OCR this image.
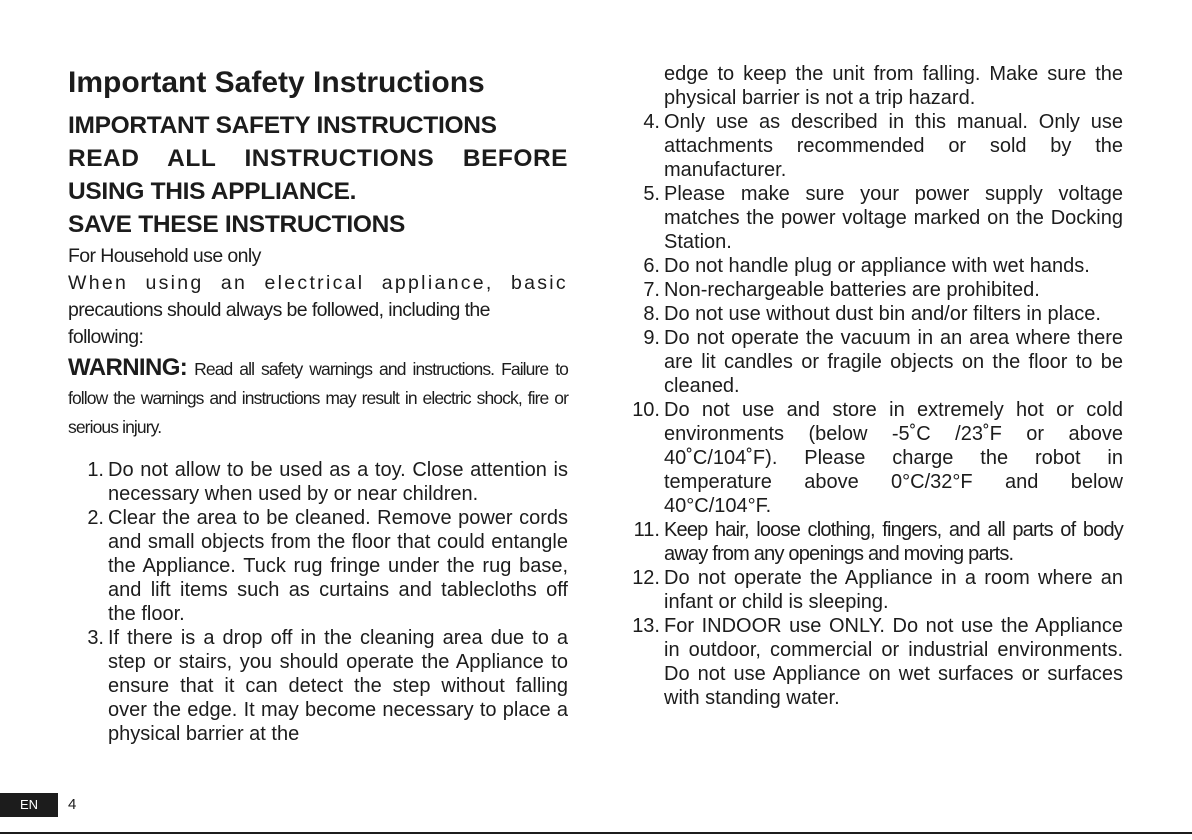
Important Safety Instructions
IMPORTANT SAFETY INSTRUCTIONS
READ ALL INSTRUCTIONS BEFORE
USING THIS APPLIANCE.
SAVE THESE INSTRUCTIONS

For Household use only

When using an electrical appliance, basic

precautions should always be followed, including the

following:

WARNING: Read all safety warnings and instructions. Failure to follow the warnings and instructions may result in electric shock, fire or serious injury.
1. Do not allow to be used as a toy. Close attention is necessary when used by or near children.
2. Clear the area to be cleaned. Remove power cords and small objects from the floor that could entangle the Appliance. Tuck rug fringe under the rug base, and lift items such as curtains and tablecloths off the floor.
3. If there is a drop off in the cleaning area due to a step or stairs, you should operate the Appliance to ensure that it can detect the step without falling over the edge. It may become necessary to place a physical barrier at the
edge to keep the unit from falling. Make sure the physical barrier is not a trip hazard.
4. Only use as described in this manual. Only use attachments recommended or sold by the manufacturer.
5. Please make sure your power supply voltage matches the power voltage marked on the Docking Station.
6. Do not handle plug or appliance with wet hands.
7. Non-rechargeable batteries are prohibited.
8. Do not use without dust bin and/or filters in place.
9. Do not operate the vacuum in an area where there are lit candles or fragile objects on the floor to be cleaned.
10. Do not use and store in extremely hot or cold environments (below -5˚C /23˚F or above 40˚C/104˚F). Please charge the robot in temperature above 0°C/32°F and below 40°C/104°F.
11. Keep hair, loose clothing, fingers, and all parts of body away from any openings and moving parts.
12. Do not operate the Appliance in a room where an infant or child is sleeping.
13. For INDOOR use ONLY. Do not use the Appliance in outdoor, commercial or industrial environments. Do not use Appliance on wet surfaces or surfaces with standing water.
EN	4
